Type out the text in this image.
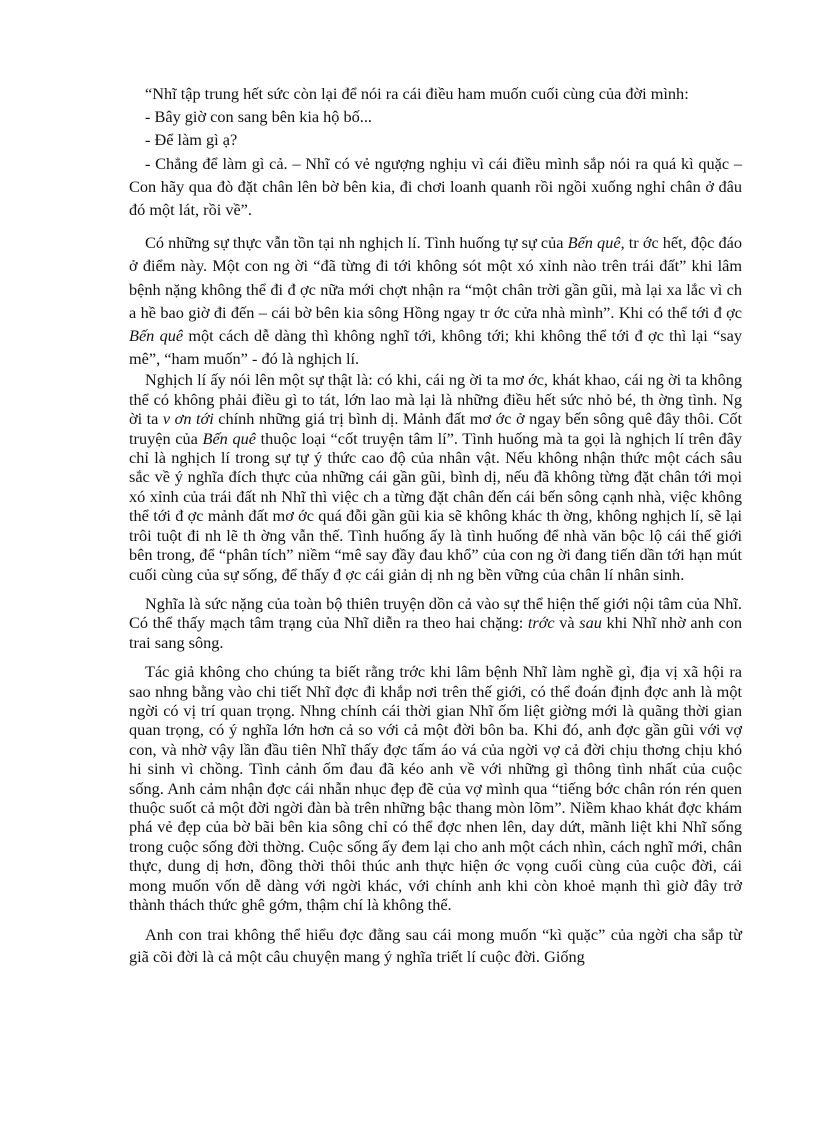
“Nhĩ tập trung hết sức còn lại để nói ra cái điều ham muốn cuối cùng của đời mình:

- Bây giờ con sang bên kia hộ bố...

- Để làm gì ạ?

- Chẳng để làm gì cả. – Nhĩ có vẻ ngượng nghịu vì cái điều mình sắp nói ra quá kì quặc – Con hãy qua đò đặt chân lên bờ bên kia, đi chơi loanh quanh rồi ngồi xuống nghỉ chân ở đâu đó một lát, rồi về”.

Có những sự thực vẫn tồn tại nh nghịch lí. Tình huống tự sự của Bến quê, tr ớc hết, độc đáo ở điểm này. Một con ng ời “đã từng đi tới không sót một xó xỉnh nào trên trái đất” khi lâm bệnh nặng không thể đi đ ợc nữa mới chợt nhận ra “một chân trời gần gũi, mà lại xa lắc vì ch a hề bao giờ đi đến – cái bờ bên kia sông Hồng ngay tr ớc cửa nhà mình”. Khi có thể tới đ ợc Bến quê một cách dễ dàng thì không nghĩ tới, không tới; khi không thể tới đ ợc thì lại “say mê”, “ham muốn” - đó là nghịch lí.

Nghịch lí ấy nói lên một sự thật là: có khi, cái ng ời ta mơ ớc, khát khao, cái ng ời ta không thể có không phải điều gì to tát, lớn lao mà lại là những điều hết sức nhỏ bé, th ờng tình. Ng ời ta v ơn tới chính những giá trị bình dị. Mảnh đất mơ ớc ở ngay bến sông quê đây thôi. Cốt truyện của Bến quê thuộc loại “cốt truyện tâm lí”. Tình huống mà ta gọi là nghịch lí trên đây chỉ là nghịch lí trong sự tự ý thức cao độ của nhân vật. Nếu không nhận thức một cách sâu sắc về ý nghĩa đích thực của những cái gần gũi, bình dị, nếu đã không từng đặt chân tới mọi xó xỉnh của trái đất nh Nhĩ thì việc ch a từng đặt chân đến cái bến sông cạnh nhà, việc không thể tới đ ợc mảnh đất mơ ớc quá đỗi gần gũi kia sẽ không khác th ờng, không nghịch lí, sẽ lại trôi tuột đi nh lẽ th ờng vẫn thế. Tình huống ấy là tình huống để nhà văn bộc lộ cái thế giới bên trong, để “phân tích” niềm “mê say đầy đau khổ” của con ng ời đang tiến dần tới hạn mút cuối cùng của sự sống, để thấy đ ợc cái giản dị nh ng bền vững của chân lí nhân sinh.

Nghĩa là sức nặng của toàn bộ thiên truyện dồn cả vào sự thể hiện thế giới nội tâm của Nhĩ. Có thể thấy mạch tâm trạng của Nhĩ diễn ra theo hai chặng: trớc và sau khi Nhĩ nhờ anh con trai sang sông.

Tác giả không cho chúng ta biết rằng trớc khi lâm bệnh Nhĩ làm nghề gì, địa vị xã hội ra sao nhng bằng vào chi tiết Nhĩ đợc đi khắp nơi trên thế giới, có thể đoán định đợc anh là một ngời có vị trí quan trọng. Nhng chính cái thời gian Nhĩ ốm liệt giờng mới là quãng thời gian quan trọng, có ý nghĩa lớn hơn cả so với cả một đời bôn ba. Khi đó, anh đợc gần gũi với vợ con, và nhờ vậy lần đầu tiên Nhĩ thấy đợc tấm áo vá của ngời vợ cả đời chịu thơng chịu khó hi sinh vì chồng. Tình cảnh ốm đau đã kéo anh về với những gì thông tình nhất của cuộc sống. Anh cảm nhận đợc cái nhẫn nhục đẹp đẽ của vợ mình qua “tiếng bớc chân rón rén quen thuộc suốt cả một đời ngời đàn bà trên những bậc thang mòn lõm”. Niềm khao khát đợc khám phá vẻ đẹp của bờ bãi bên kia sông chỉ có thể đợc nhen lên, day dứt, mãnh liệt khi Nhĩ sống trong cuộc sống đời thờng. Cuộc sống ấy đem lại cho anh một cách nhìn, cách nghĩ mới, chân thực, dung dị hơn, đồng thời thôi thúc anh thực hiện ớc vọng cuối cùng của cuộc đời, cái mong muốn vốn dễ dàng với ngời khác, với chính anh khi còn khoẻ mạnh thì giờ đây trở thành thách thức ghê gớm, thậm chí là không thể.

Anh con trai không thể hiểu đợc đằng sau cái mong muốn “kì quặc” của ngời cha sắp từ giã cõi đời là cả một câu chuyện mang ý nghĩa triết lí cuộc đời. Giống
